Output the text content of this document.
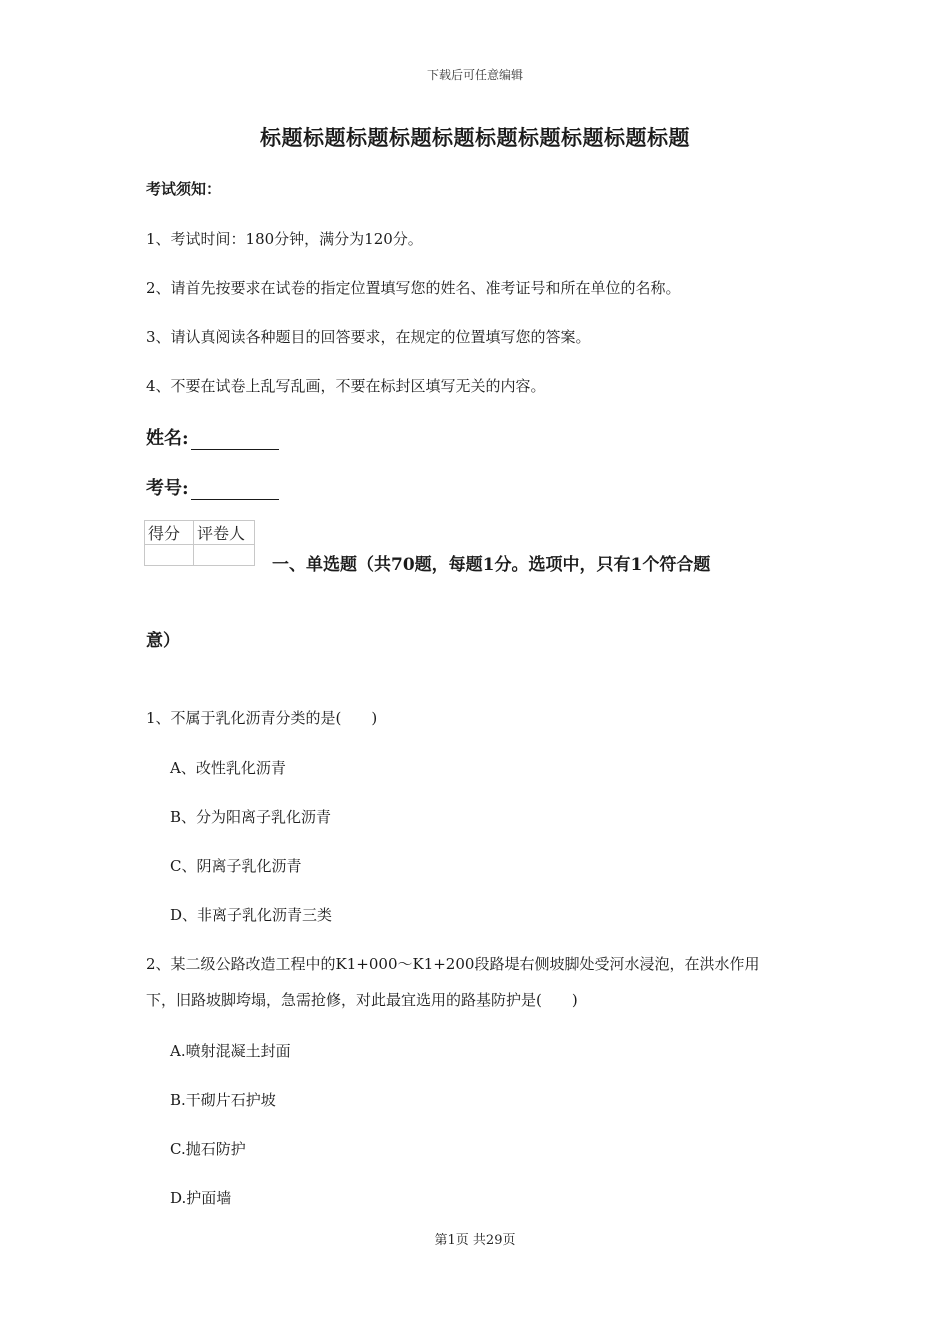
下载后可任意编辑
标题标题标题标题标题标题标题标题标题标题
考试须知：
1、考试时间：180分钟，满分为120分。
2、请首先按要求在试卷的指定位置填写您的姓名、准考证号和所在单位的名称。
3、请认真阅读各种题目的回答要求，在规定的位置填写您的答案。
4、不要在试卷上乱写乱画，不要在标封区填写无关的内容。
姓名:
考号:
得分	评卷人

一、单选题（共70题，每题1分。选项中，只有1个符合题
意）
1、不属于乳化沥青分类的是(　　)
A、改性乳化沥青
B、分为阳离子乳化沥青
C、阴离子乳化沥青
D、非离子乳化沥青三类
2、某二级公路改造工程中的K1+000～K1+200段路堤右侧坡脚处受河水浸泡，在洪水作用
下，旧路坡脚垮塌，急需抢修，对此最宜选用的路基防护是(　　)
A.喷射混凝土封面
B.干砌片石护坡
C.抛石防护
D.护面墙
第1页 共29页
